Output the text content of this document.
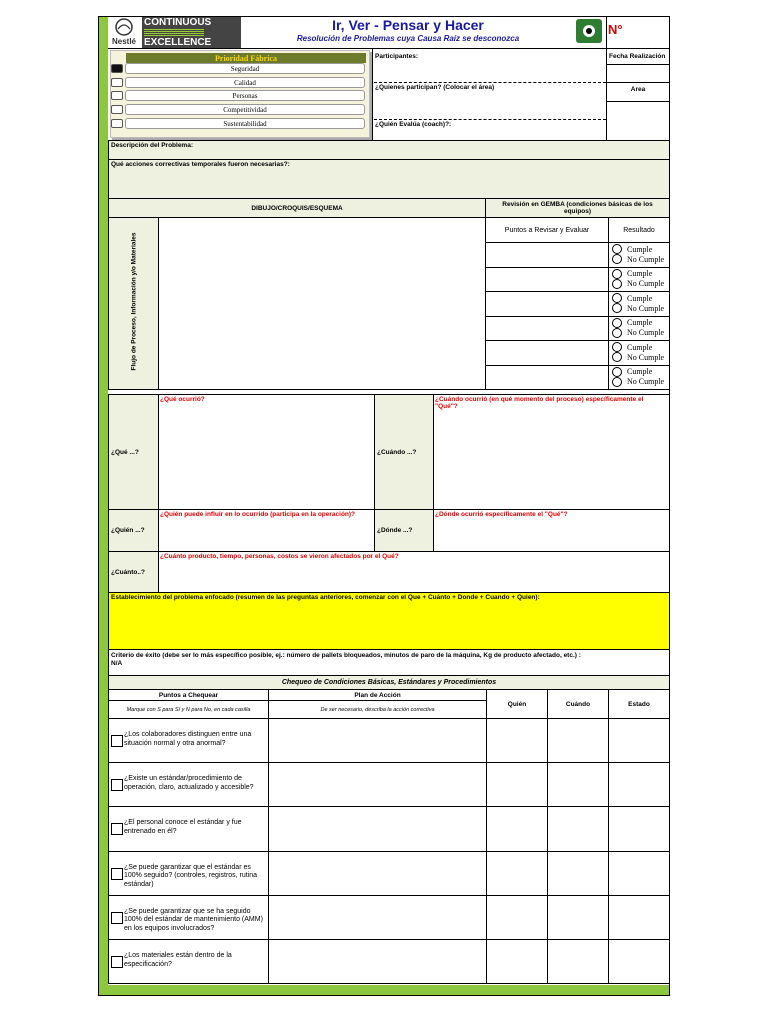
Nestlé
CONTINUOUS
EXCELLENCE
Ir, Ver - Pensar y Hacer
Resolución de Problemas cuya Causa Raíz se desconozca
N°
Prioridad Fábrica
Seguridad
Calidad
Personas
Competitividad
Sustentabilidad
Participantes:	Fecha Realización
¿Quienes participan? (Colocar el área)	Area
¿Quién Evalúa (coach)?:
Descripción del Problema:
Qué acciones correctivas temporales fueron necesarias?:
DIBUJO/CROQUIS/ESQUEMA	Revisión en GEMBA (condiciones básicas de los equipos)
Flujo de Proceso, Información y/o Materiales
Puntos a Revisar y Evaluar	Resultado
Cumple
No Cumple
Cumple
No Cumple
Cumple
No Cumple
Cumple
No Cumple
Cumple
No Cumple
Cumple
No Cumple
¿Qué ...?
¿Qué ocurrió?
¿Cuándo ...?
¿Cuándo ocurrió (en qué momento del proceso) específicamente el "Qué"?
¿Quién ...?
¿Quién puede influir en lo ocurrido (participa en la operación)?
¿Dónde ...?
¿Dónde ocurrió específicamente el "Qué"?
¿Cuánto..?
¿Cuánto producto, tiempo, personas, costos se vieron afectados por el Qué?
Establecimiento del problema enfocado (resumen de las preguntas anteriores, comenzar con el Que + Cuánto + Donde + Cuando + Quien):
Criterio de éxito (debe ser lo más específico posible, ej.: número de pallets bloqueados, minutos de paro de la máquina, Kg de producto afectado, etc.) :
N/A
Chequeo de Condiciones Básicas, Estándares y Procedimientos
Puntos a Chequear
Marque con S para Sí y N para No, en cada casilla
Plan de Acción
De ser necesario, describa la acción correctiva
Quién	Cuándo	Estado
¿Los colaboradores distinguen entre una situación normal y otra anormal?
¿Existe un estándar/procedimiento de operación, claro, actualizado y accesible?
¿El personal conoce el estándar y fue entrenado en él?
¿Se puede garantizar que el estándar es 100% seguido? (controles, registros, rutina estándar)
¿Se puede garantizar que se ha seguido 100% del estándar de mantenimiento (AMM) en los equipos involucrados?
¿Los materiales están dentro de la especificación?
